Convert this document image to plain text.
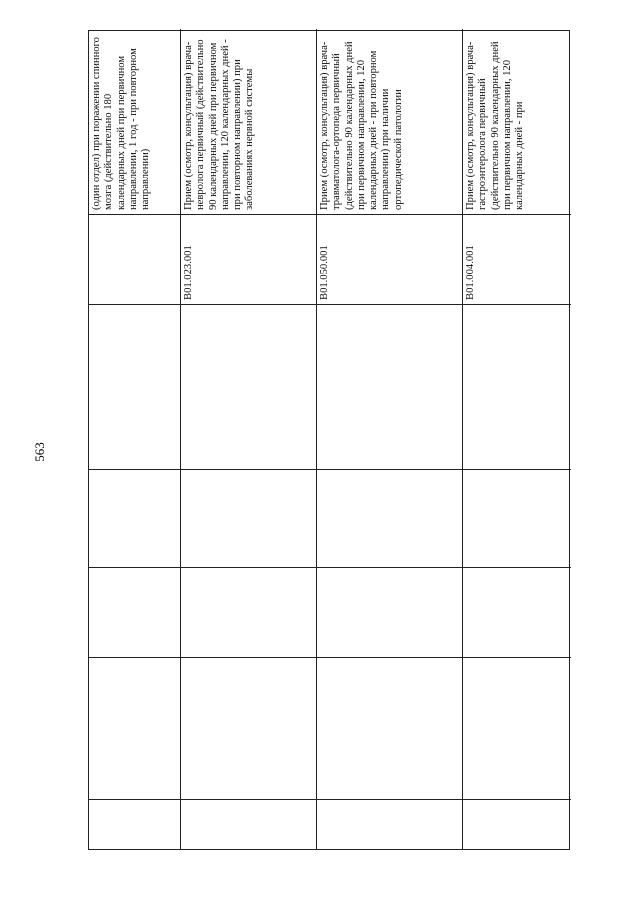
563
(один отдел) при поражении спинного мозга (действительно 180 календарных дней при первичном направлении, 1 год - при повторном направлении)
B01.023.001
Прием (осмотр, консультация) врача-невролога первичный (действительно 90 календарных дней при первичном направлении, 120 календарных дней - при повторном направлении) при заболеваниях нервной системы
B01.050.001
Прием (осмотр, консультация) врача-травматолога-ортопеда первичный (действительно 90 календарных дней при первичном направлении, 120 календарных дней - при повторном направлении) при наличии ортопедической патологии
B01.004.001
Прием (осмотр, консультация) врача-гастроэнтеролога первичный (действительно 90 календарных дней при первичном направлении, 120 календарных дней - при
